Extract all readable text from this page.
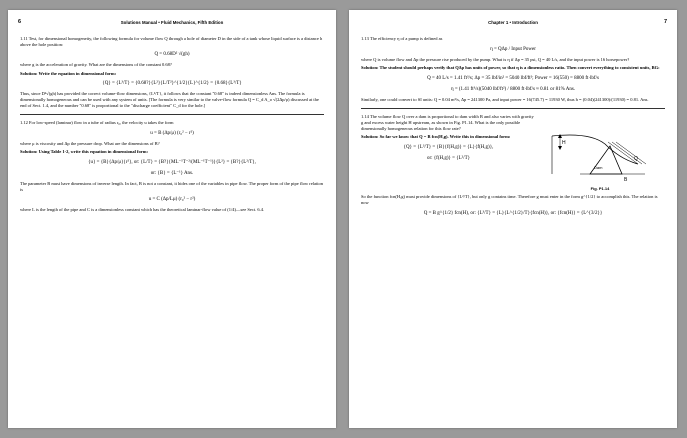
6	Solutions Manual • Fluid Mechanics, Fifth Edition

1.11 Test, for dimensional homogeneity, the following formula for volume flow Q through a hole of diameter D in the side of a tank whose liquid surface is a distance h above the hole position:

Q = 0.68D² √(gh)

where g is the acceleration of gravity. What are the dimensions of the constant 0.68?

Solution: Write the equation in dimensional form:

{Q} = {L³/T} = {0.68?}{L²}{L/T²}^{1/2}{L}^{1/2} = {0.68}{L³/T}

Thus, since D²√(gh) has provided the correct volume-flow dimensions, {L³/T}, it follows that the constant "0.68" is indeed dimensionless Ans. The formula is dimensionally homogeneous and can be used with any system of units. [The formula is very similar to the valve-flow formula Q = C_d A_o √(2Δp/ρ) discussed at the end of Sect. 1.4, and the number "0.68" is proportional to the "discharge coefficient" C_d for the hole.]

1.12 For low-speed (laminar) flow in a tube of radius r₀, the velocity u takes the form

u = B (Δp/μ) (r₀² − r²)

where μ is viscosity and Δp the pressure drop. What are the dimensions of B?

Solution: Using Table 1-2, write this equation in dimensional form:

{u} = {B}{Δp/μ}{r²}, or: {L/T} = {B?}{ML⁻¹T⁻²/(ML⁻¹T⁻¹)}{L²} = {B?}{L²/T},
or: {B} = {L⁻¹} Ans.

The parameter B must have dimensions of inverse length. In fact, B is not a constant, it hides one of the variables in pipe flow. The proper form of the pipe flow relation is

u = C (Δp/Lμ) (r₀² − r²)

where L is the length of the pipe and C is a dimensionless constant which has the theoretical laminar-flow value of (1/4)—see Sect. 6.4.

Chapter 1 • Introduction	7

1.13 The efficiency η of a pump is defined as

η = QΔp / Input Power

where Q is volume flow and Δp the pressure rise produced by the pump. What is η if Δp = 35 psi, Q = 40 L/s, and the input power is 16 horsepower?

Solution: The student should perhaps verify that QΔp has units of power, so that η is a dimensionless ratio. Then convert everything to consistent units, BG:

Q = 40 L/s = 1.41 ft³/s; Δp = 35 lbf/in² = 5040 lbf/ft²; Power = 16(550) = 8800 ft·lbf/s
η = (1.41 ft³/s)(5040 lbf/ft²) / 8800 ft·lbf/s ≈ 0.81 or 81% Ans.

Similarly, one could convert to SI units: Q = 0.04 m³/s, Δp = 241300 Pa, and input power = 16(745.7) = 11930 W, thus h = (0.04)(241300)/(11930) = 0.81. Ans.

1.14 The volume flow Q over a dam is proportional to dam width B and also varies with gravity g and excess water height H upstream, as shown in Fig. P1.14. What is the only possible dimensionally homogeneous relation for this flow rate?

Solution: So far we know that Q = B fcn(H,g). Write this in dimensional form:

{Q} = {L³/T} = {B}{f(H,g)} = {L}{f(H,g)},
or: {f(H,g)} = {L²/T}
H
Dam
Q
B
Fig. P1.14

So the function fcn(H,g) must provide dimensions of {L²/T}, but only g contains time. Therefore g must enter in the form g^{1/2} to accomplish this. The relation is now

Q = B g^{1/2} fcn(H), or: {L³/T} = {L}{L^{1/2}/T}{fcn(H)}, or: {fcn(H)} = {L^{3/2}}
